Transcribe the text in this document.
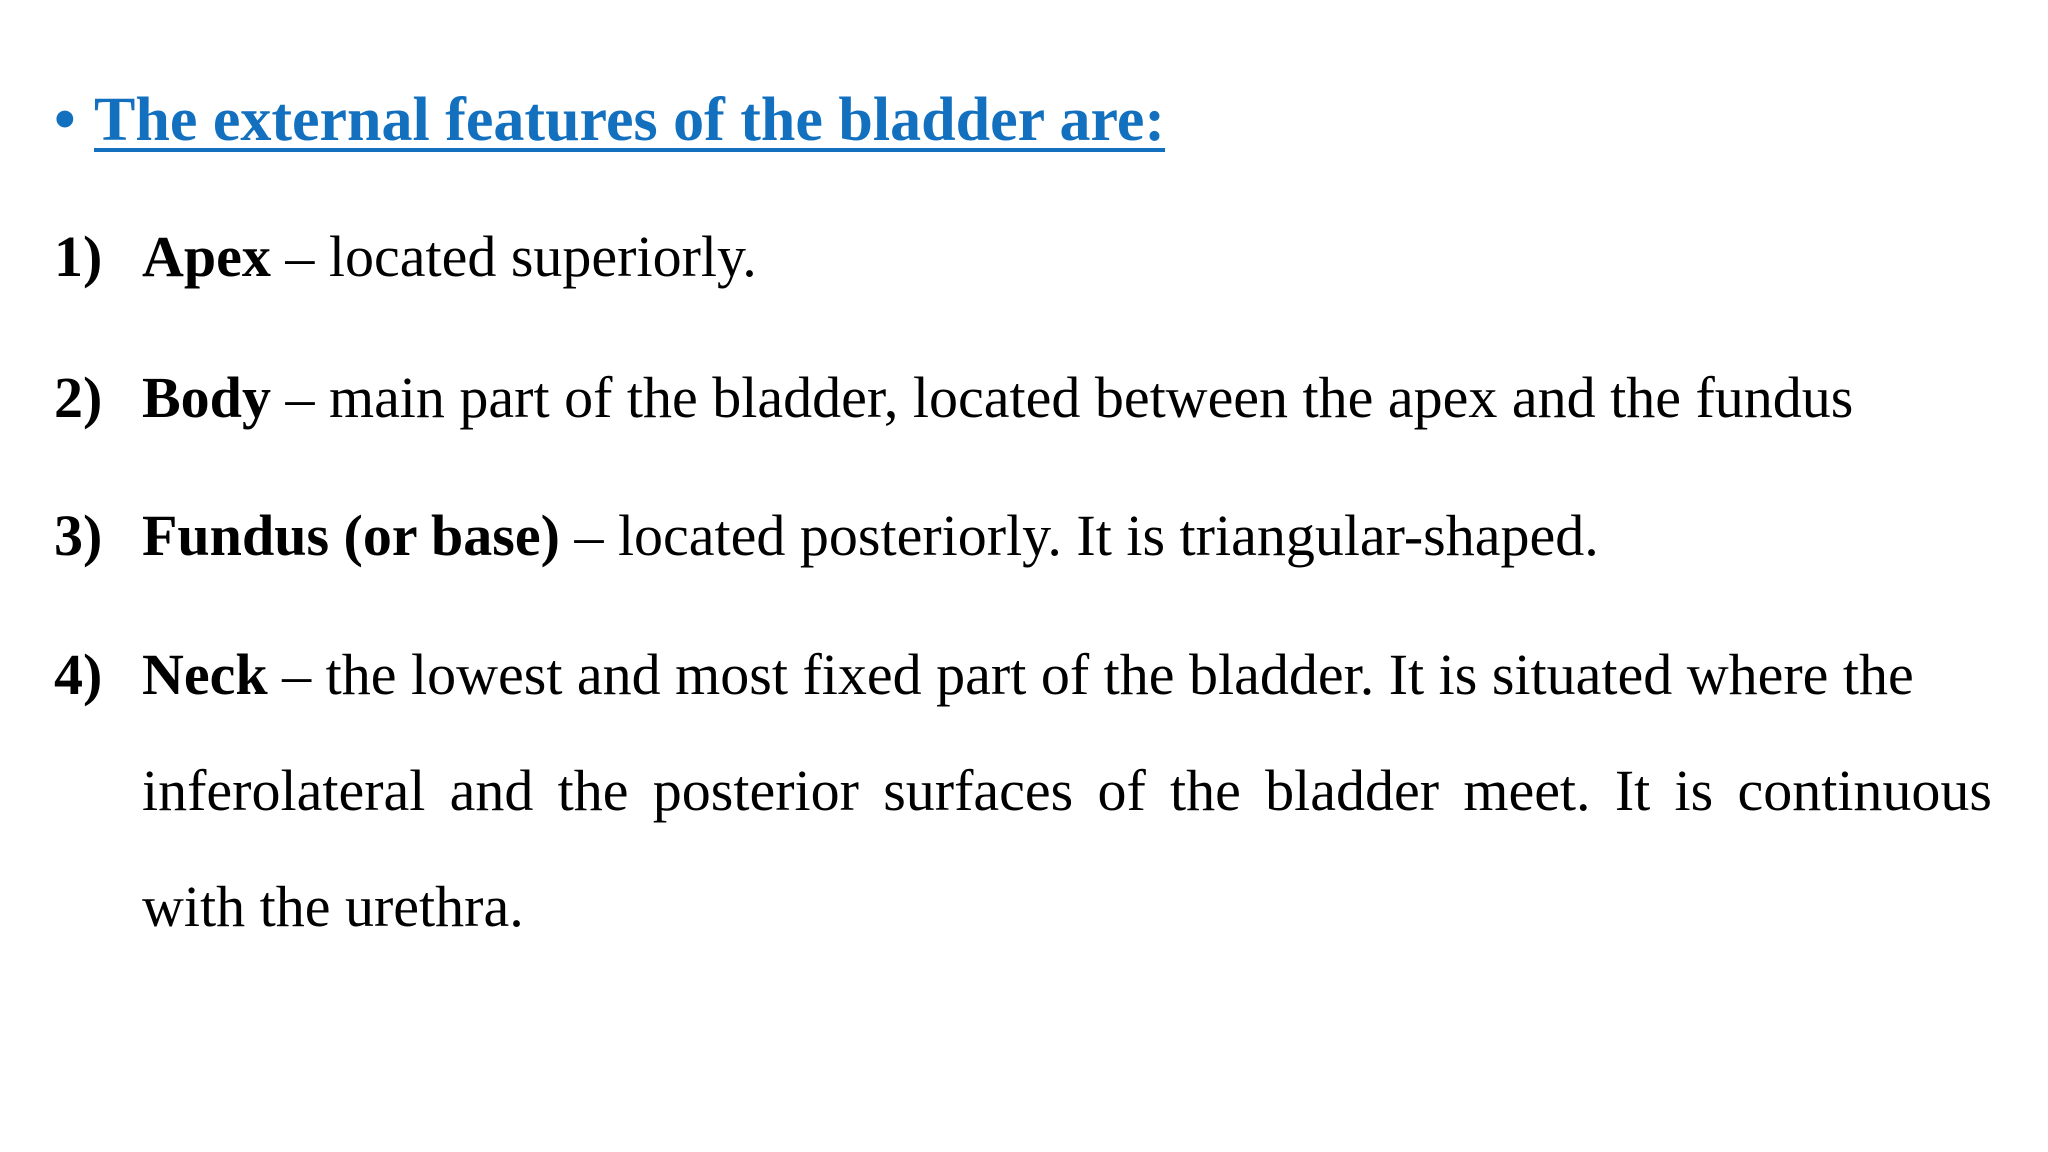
• The external features of the bladder are:
1) Apex – located superiorly.
2) Body – main part of the bladder, located between the apex and the fundus
3) Fundus (or base) – located posteriorly. It is triangular-shaped.
4) Neck – the lowest and most fixed part of the bladder. It is situated where the
inferolateral and the posterior surfaces of the bladder meet. It is continuous
with the urethra.
